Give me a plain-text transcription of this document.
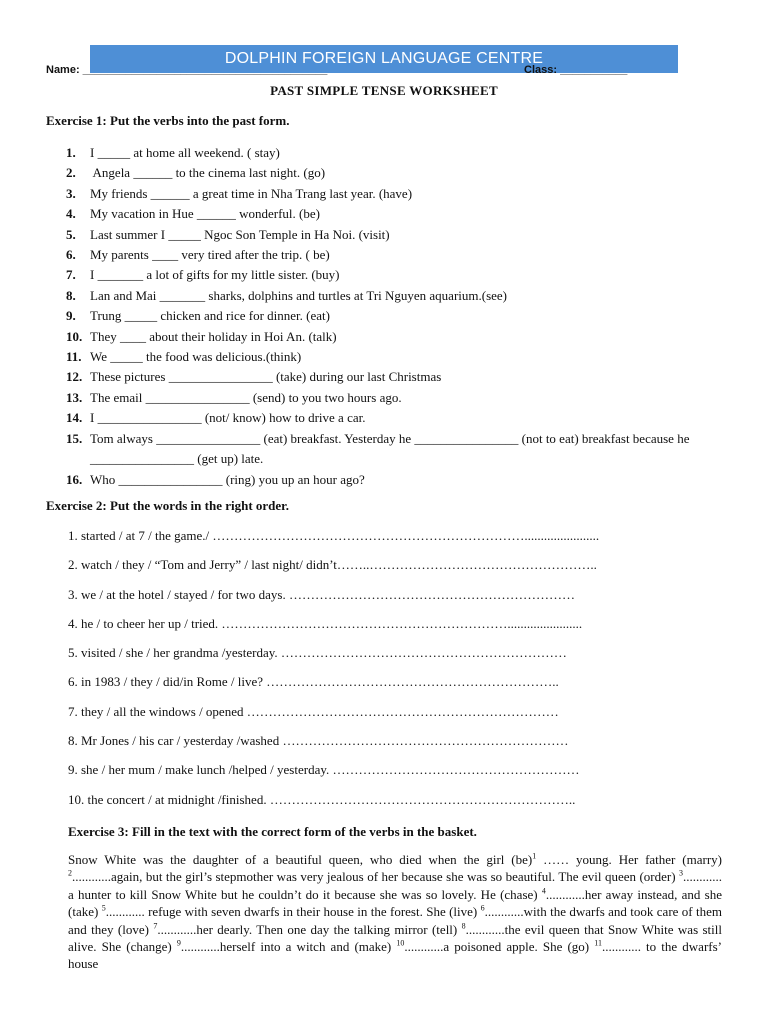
DOLPHIN FOREIGN LANGUAGE CENTRE
Name: ________________________________________	Class: ___________
PAST SIMPLE TENSE WORKSHEET
Exercise 1: Put the verbs into the past form.
1.	I _____ at home all weekend. ( stay)
2.	Angela ______ to the cinema last night. (go)
3.	My friends ______ a great time in Nha Trang last year. (have)
4.	My vacation in Hue ______ wonderful. (be)
5.	Last summer I _____ Ngoc Son Temple in Ha Noi. (visit)
6.	My parents ____ very tired after the trip. ( be)
7.	I _______ a lot of gifts for my little sister. (buy)
8.	Lan and Mai _______ sharks, dolphins and turtles at Tri Nguyen aquarium.(see)
9.	Trung _____ chicken and rice for dinner. (eat)
10. They ____ about their holiday in Hoi An. (talk)
11. We _____ the food was delicious.(think)
12. These pictures ________________ (take) during our last Christmas
13. The email ________________ (send) to you two hours ago.
14. I ________________ (not/ know) how to drive a car.
15. Tom always ________________ (eat) breakfast. Yesterday he ________________ (not to eat) breakfast because he ________________ (get up) late.
16. Who ________________ (ring) you up an hour ago?
Exercise 2: Put the words in the right order.
1. started / at 7 / the game./ ……………………………………………………………….......................
2. watch / they / “Tom and Jerry” / last night/ didn’t……..……………………………………………..
3. we / at the hotel / stayed / for two days. …………………………………………………………
4. he / to cheer her up / tried. ………………………………………………………….......................
5. visited / she / her grandma /yesterday. …………………………………………………………
6. in 1983 / they / did/in Rome / live? …………………………………………………………..
7. they / all the windows / opened ………………………………………………………………
8. Mr Jones / his car / yesterday /washed …………………………………………………………
9. she / her mum / make lunch /helped / yesterday. …………………………………………………
10. the concert / at midnight /finished. ……………………………………………………………..
Exercise 3: Fill in the text with the correct form of the verbs in the basket.

Snow White was the daughter of a beautiful queen, who died when the girl (be)$^1$ …… young. Her father (marry) $^2$............again, but the girl’s stepmother was very jealous of her because she was so beautiful. The evil queen (order) $^3$............ a hunter to kill Snow White but he couldn’t do it because she was so lovely. He (chase) $^4$............her away instead, and she (take) $^5$............ refuge with seven dwarfs in their house in the forest. She (live) $^6$............with the dwarfs and took care of them and they (love) $^7$............her dearly. Then one day the talking mirror (tell) $^8$............the evil queen that Snow White was still alive. She (change) $^9$............herself into a witch and (make) $^{10}$............a poisoned apple. She (go) $^{11}$............ to the dwarfs’ house
